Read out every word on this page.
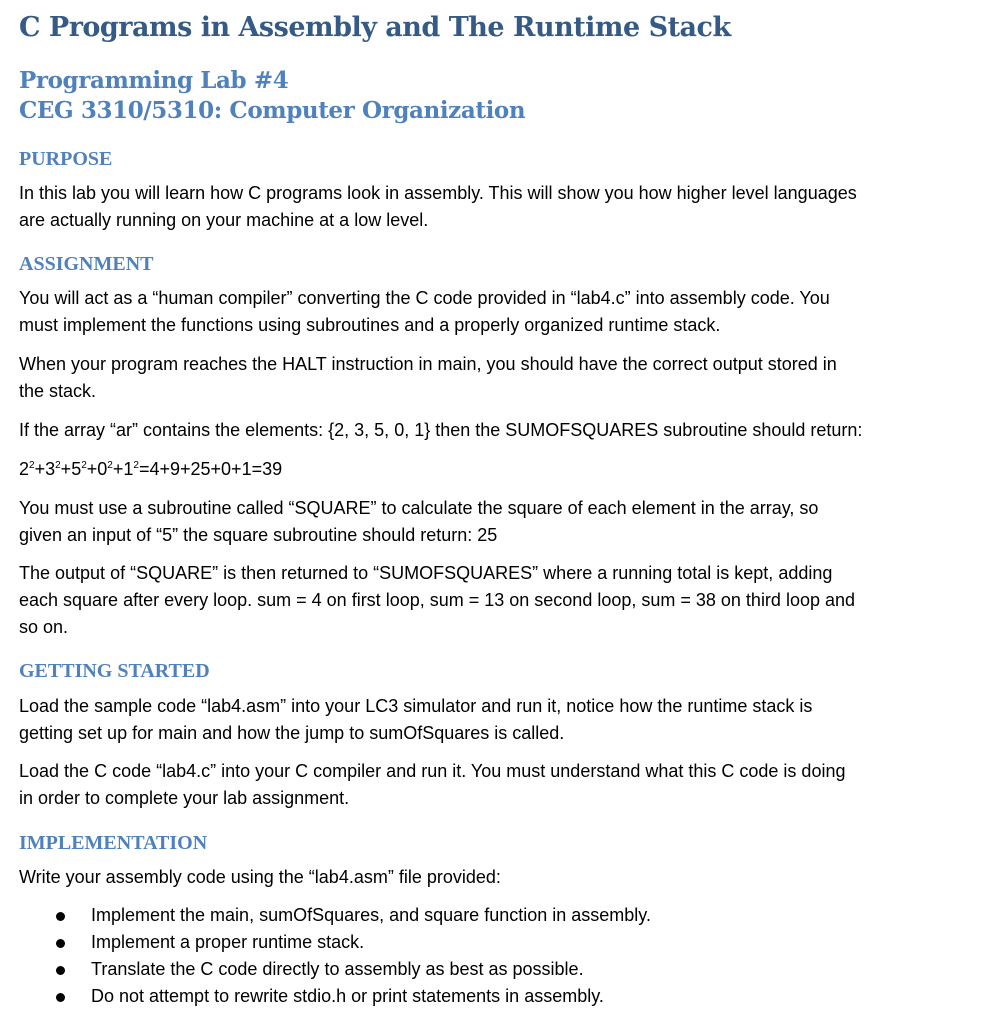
C Programs in Assembly and The Runtime Stack
Programming Lab #4
CEG 3310/5310: Computer Organization
PURPOSE
In this lab you will learn how C programs look in assembly. This will show you how higher level languages
are actually running on your machine at a low level.
ASSIGNMENT
You will act as a “human compiler” converting the C code provided in “lab4.c” into assembly code. You
must implement the functions using subroutines and a properly organized runtime stack.
When your program reaches the HALT instruction in main, you should have the correct output stored in
the stack.
If the array “ar” contains the elements: {2, 3, 5, 0, 1} then the SUMOFSQUARES subroutine should return:
$2^2+3^2+5^2+0^2+1^2=4+9+25+0+1=39$
You must use a subroutine called “SQUARE” to calculate the square of each element in the array, so
given an input of “5” the square subroutine should return: 25
The output of “SQUARE” is then returned to “SUMOFSQUARES” where a running total is kept, adding
each square after every loop. sum = 4 on first loop, sum = 13 on second loop, sum = 38 on third loop and
so on.
GETTING STARTED
Load the sample code “lab4.asm” into your LC3 simulator and run it, notice how the runtime stack is
getting set up for main and how the jump to sumOfSquares is called.
Load the C code “lab4.c” into your C compiler and run it. You must understand what this C code is doing
in order to complete your lab assignment.
IMPLEMENTATION
Write your assembly code using the “lab4.asm” file provided:
Implement the main, sumOfSquares, and square function in assembly.
Implement a proper runtime stack.
Translate the C code directly to assembly as best as possible.
Do not attempt to rewrite stdio.h or print statements in assembly.
